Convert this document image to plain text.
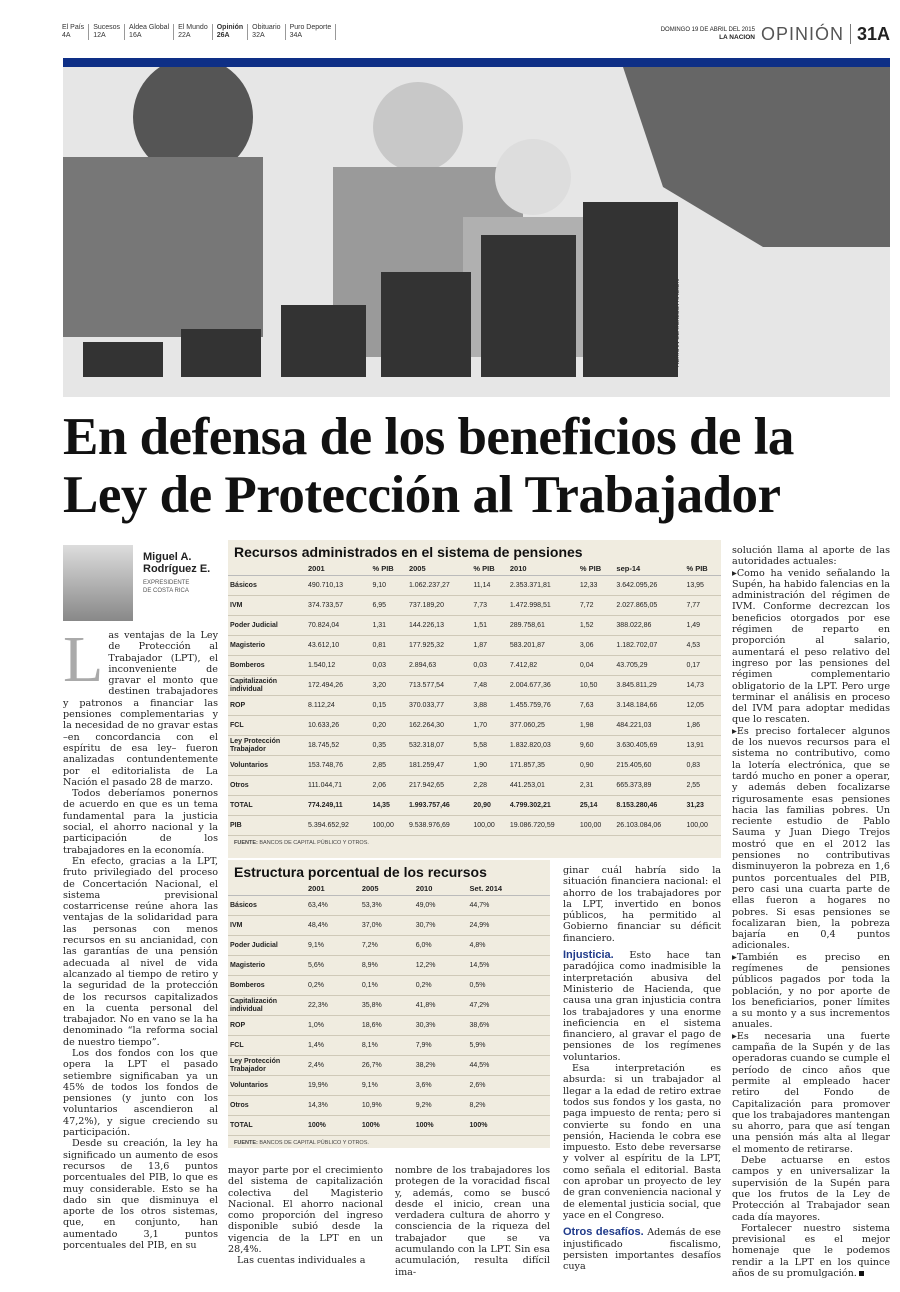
El País
4A
Sucesos
12A
Aldea Global
16A
El Mundo
22A
Opinión
26A
Obituario
32A
Puro Deporte
34A
DOMINGO 19 DE ABRIL DEL 2015
LA NACION OPINIÓN 31A
HERNÁN ULATE/ILUSTRACIÓN
En defensa de los beneficios de la Ley de Protección al Trabajador
Miguel A.
Rodríguez E.
EXPRESIDENTE
DE COSTA RICA

Las ventajas de la Ley de Protección al Trabajador (LPT), el inconveniente de gravar el monto que destinen trabajadores y patronos a financiar las pensiones complementarias y la necesidad de no gravar estas –en concordancia con el espíritu de esa ley– fueron analizadas contundentemente por el editorialista de La Nación el pasado 28 de marzo.

Todos deberíamos ponernos de acuerdo en que es un tema fundamental para la justicia social, el ahorro nacional y la participación de los trabajadores en la economía.

En efecto, gracias a la LPT, fruto privilegiado del proceso de Concertación Nacional, el sistema previsional costarricense reúne ahora las ventajas de la solidaridad para las personas con menos recursos en su ancianidad, con las garantías de una pensión adecuada al nivel de vida alcanzado al tiempo de retiro y la seguridad de la protección de los recursos capitalizados en la cuenta personal del trabajador. No en vano se la ha denominado “la reforma social de nuestro tiempo”.

Los dos fondos con los que opera la LPT el pasado setiembre significaban ya un 45% de todos los fondos de pensiones (y junto con los voluntarios ascendieron al 47,2%), y sigue creciendo su participación.

Desde su creación, la ley ha significado un aumento de esos recursos de 13,6 puntos porcentuales del PIB, lo que es muy considerable. Esto se ha dado sin que disminuya el aporte de los otros sistemas, que, en conjunto, han aumentado 3,1 puntos porcentuales del PIB, en su

Recursos administrados en el sistema de pensiones
	2001	% PIB	2005	% PIB	2010	% PIB	sep-14	% PIB
Básicos	490.710,13	9,10	1.062.237,27	11,14	2.353.371,81	12,33	3.642.095,26	13,95
IVM	374.733,57	6,95	737.189,20	7,73	1.472.998,51	7,72	2.027.865,05	7,77
Poder Judicial	70.824,04	1,31	144.226,13	1,51	289.758,61	1,52	388.022,86	1,49
Magisterio	43.612,10	0,81	177.925,32	1,87	583.201,87	3,06	1.182.702,07	4,53
Bomberos	1.540,12	0,03	2.894,63	0,03	7.412,82	0,04	43.705,29	0,17
Capitalización individual	172.494,26	3,20	713.577,54	7,48	2.004.677,36	10,50	3.845.811,29	14,73
ROP	8.112,24	0,15	370.033,77	3,88	1.455.759,76	7,63	3.148.184,66	12,05
FCL	10.633,26	0,20	162.264,30	1,70	377.060,25	1,98	484.221,03	1,86
Ley Protección Trabajador	18.745,52	0,35	532.318,07	5,58	1.832.820,03	9,60	3.630.405,69	13,91
Voluntarios	153.748,76	2,85	181.259,47	1,90	171.857,35	0,90	215.405,60	0,83
Otros	111.044,71	2,06	217.942,65	2,28	441.253,01	2,31	665.373,89	2,55
TOTAL	774.249,11	14,35	1.993.757,46	20,90	4.799.302,21	25,14	8.153.280,46	31,23
PIB	5.394.652,92	100,00	9.538.976,69	100,00	19.086.720,59	100,00	26.103.084,06	100,00
FUENTE: BANCOS DE CAPITAL PÚBLICO Y OTROS.
Estructura porcentual de los recursos
	2001	2005	2010	Set. 2014
Básicos	63,4%	53,3%	49,0%	44,7%
IVM	48,4%	37,0%	30,7%	24,9%
Poder Judicial	9,1%	7,2%	6,0%	4,8%
Magisterio	5,6%	8,9%	12,2%	14,5%
Bomberos	0,2%	0,1%	0,2%	0,5%
Capitalización individual	22,3%	35,8%	41,8%	47,2%
ROP	1,0%	18,6%	30,3%	38,6%
FCL	1,4%	8,1%	7,9%	5,9%
Ley Protección Trabajador	2,4%	26,7%	38,2%	44,5%
Voluntarios	19,9%	9,1%	3,6%	2,6%
Otros	14,3%	10,9%	9,2%	8,2%
TOTAL	100%	100%	100%	100%
FUENTE: BANCOS DE CAPITAL PÚBLICO Y OTROS.

mayor parte por el crecimiento del sistema de capitalización colectiva del Magisterio Nacional. El ahorro nacional como proporción del ingreso disponible subió desde la vigencia de la LPT en un 28,4%.

Las cuentas individuales a

nombre de los trabajadores los protegen de la voracidad fiscal y, además, como se buscó desde el inicio, crean una verdadera cultura de ahorro y consciencia de la riqueza del trabajador que se va acumulando con la LPT. Sin esa acumulación, resulta difícil ima-

ginar cuál habría sido la situación financiera nacional: el ahorro de los trabajadores por la LPT, invertido en bonos públicos, ha permitido al Gobierno financiar su déficit financiero.

Injusticia. Esto hace tan paradójica como inadmisible la interpretación abusiva del Ministerio de Hacienda, que causa una gran injusticia contra los trabajadores y una enorme ineficiencia en el sistema financiero, al gravar el pago de pensiones de los regímenes voluntarios.

Esa interpretación es absurda: si un trabajador al llegar a la edad de retiro extrae todos sus fondos y los gasta, no paga impuesto de renta; pero si convierte su fondo en una pensión, Hacienda le cobra ese impuesto. Esto debe reversarse y volver al espíritu de la LPT, como señala el editorial. Basta con aprobar un proyecto de ley de gran conveniencia nacional y de elemental justicia social, que yace en el Congreso.

Otros desafíos. Además de ese injustificado fiscalismo, persisten importantes desafíos cuya

solución llama al aporte de las autoridades actuales:

▸Como ha venido señalando la Supén, ha habido falencias en la administración del régimen de IVM. Conforme decrezcan los beneficios otorgados por ese régimen de reparto en proporción al salario, aumentará el peso relativo del ingreso por las pensiones del régimen complementario obligatorio de la LPT. Pero urge terminar el análisis en proceso del IVM para adoptar medidas que lo rescaten.

▸Es preciso fortalecer algunos de los nuevos recursos para el sistema no contributivo, como la lotería electrónica, que se tardó mucho en poner a operar, y además deben focalizarse rigurosamente esas pensiones hacia las familias pobres. Un reciente estudio de Pablo Sauma y Juan Diego Trejos mostró que en el 2012 las pensiones no contributivas disminuyeron la pobreza en 1,6 puntos porcentuales del PIB, pero casi una cuarta parte de ellas fueron a hogares no pobres. Si esas pensiones se focalizaran bien, la pobreza bajaría en 0,4 puntos adicionales.

▸También es preciso en regímenes de pensiones públicos pagados por toda la población, y no por aporte de los beneficiarios, poner límites a su monto y a sus incrementos anuales.

▸Es necesaria una fuerte campaña de la Supén y de las operadoras cuando se cumple el período de cinco años que permite al empleado hacer retiro del Fondo de Capitalización para promover que los trabajadores mantengan su ahorro, para que así tengan una pensión más alta al llegar el momento de retirarse.

Debe actuarse en estos campos y en universalizar la supervisión de la Supén para que los frutos de la Ley de Protección al Trabajador sean cada día mayores.

Fortalecer nuestro sistema previsional es el mejor homenaje que le podemos rendir a la LPT en los quince años de su promulgación.
